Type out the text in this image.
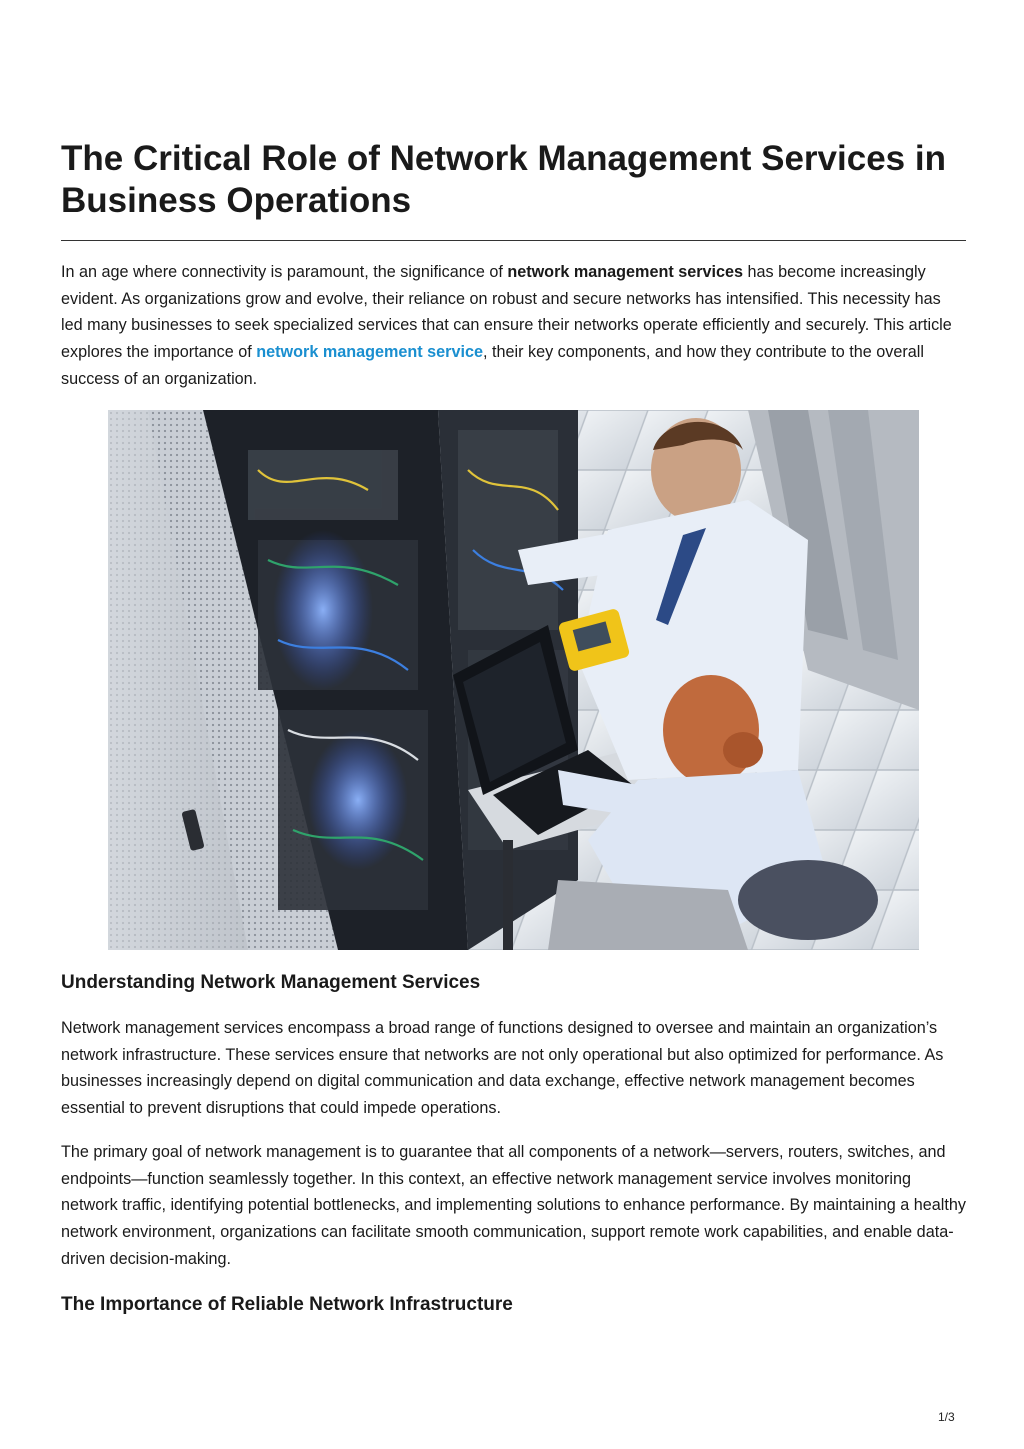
The Critical Role of Network Management Services in Business Operations

In an age where connectivity is paramount, the significance of network management services has become increasingly evident. As organizations grow and evolve, their reliance on robust and secure networks has intensified. This necessity has led many businesses to seek specialized services that can ensure their networks operate efficiently and securely. This article explores the importance of network management service, their key components, and how they contribute to the overall success of an organization.

Understanding Network Management Services

Network management services encompass a broad range of functions designed to oversee and maintain an organization’s network infrastructure. These services ensure that networks are not only operational but also optimized for performance. As businesses increasingly depend on digital communication and data exchange, effective network management becomes essential to prevent disruptions that could impede operations.

The primary goal of network management is to guarantee that all components of a network—servers, routers, switches, and endpoints—function seamlessly together. In this context, an effective network management service involves monitoring network traffic, identifying potential bottlenecks, and implementing solutions to enhance performance. By maintaining a healthy network environment, organizations can facilitate smooth communication, support remote work capabilities, and enable data-driven decision-making.

The Importance of Reliable Network Infrastructure
1/3
